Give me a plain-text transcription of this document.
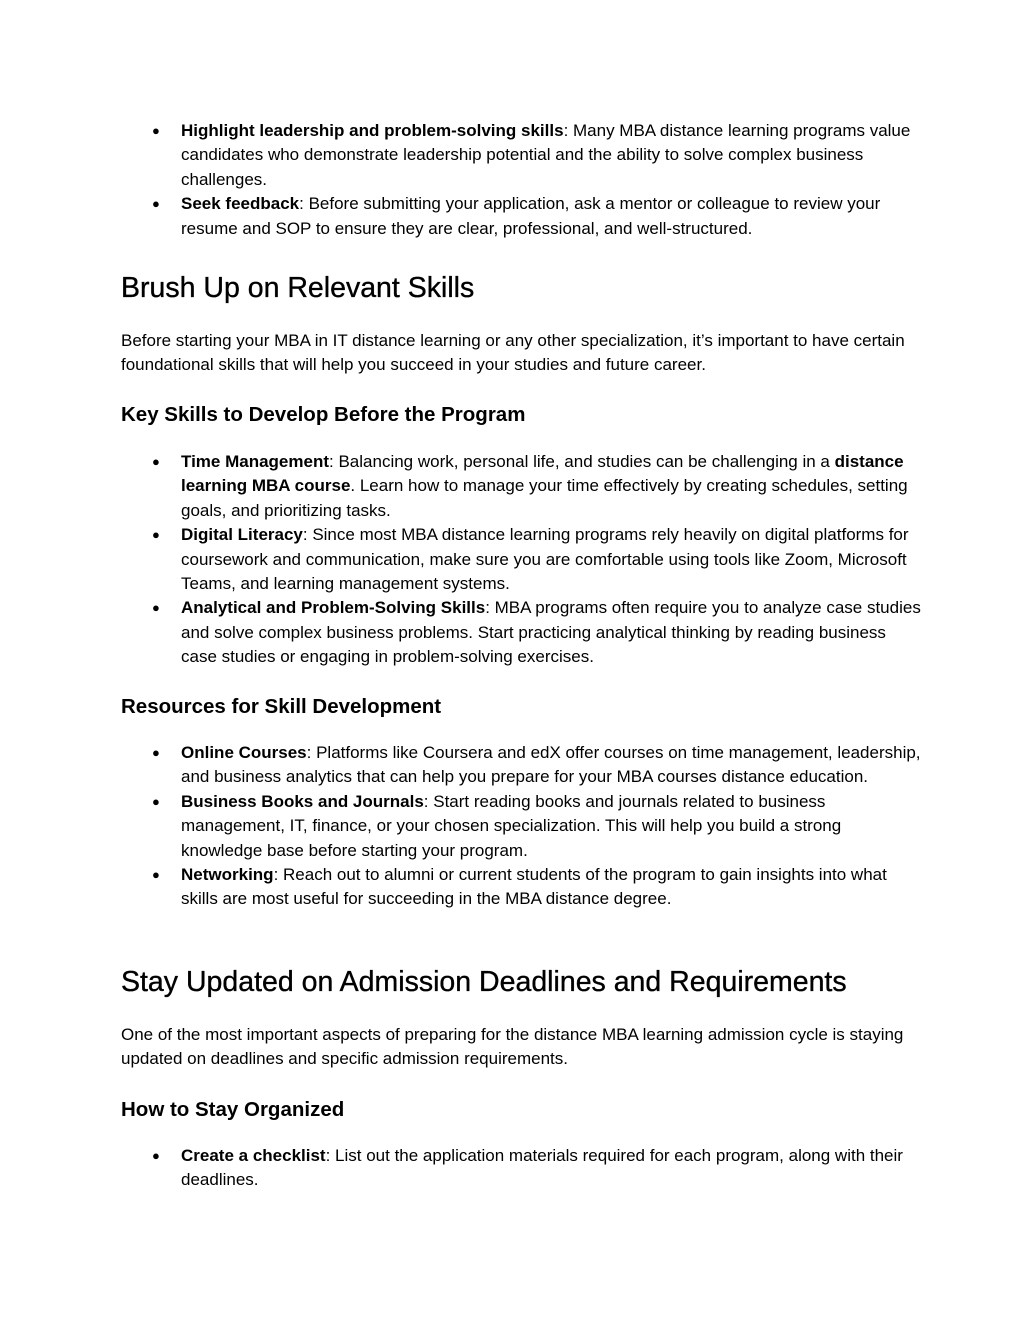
● Highlight leadership and problem-solving skills: Many MBA distance learning programs value candidates who demonstrate leadership potential and the ability to solve complex business challenges.
● Seek feedback: Before submitting your application, ask a mentor or colleague to review your resume and SOP to ensure they are clear, professional, and well-structured.
Brush Up on Relevant Skills

Before starting your MBA in IT distance learning or any other specialization, it’s important to have certain foundational skills that will help you succeed in your studies and future career.

Key Skills to Develop Before the Program
● Time Management: Balancing work, personal life, and studies can be challenging in a distance learning MBA course. Learn how to manage your time effectively by creating schedules, setting goals, and prioritizing tasks.
● Digital Literacy: Since most MBA distance learning programs rely heavily on digital platforms for coursework and communication, make sure you are comfortable using tools like Zoom, Microsoft Teams, and learning management systems.
● Analytical and Problem-Solving Skills: MBA programs often require you to analyze case studies and solve complex business problems. Start practicing analytical thinking by reading business case studies or engaging in problem-solving exercises.
Resources for Skill Development
● Online Courses: Platforms like Coursera and edX offer courses on time management, leadership, and business analytics that can help you prepare for your MBA courses distance education.
● Business Books and Journals: Start reading books and journals related to business management, IT, finance, or your chosen specialization. This will help you build a strong knowledge base before starting your program.
● Networking: Reach out to alumni or current students of the program to gain insights into what skills are most useful for succeeding in the MBA distance degree.
Stay Updated on Admission Deadlines and Requirements

One of the most important aspects of preparing for the distance MBA learning admission cycle is staying updated on deadlines and specific admission requirements.

How to Stay Organized
● Create a checklist: List out the application materials required for each program, along with their deadlines.
